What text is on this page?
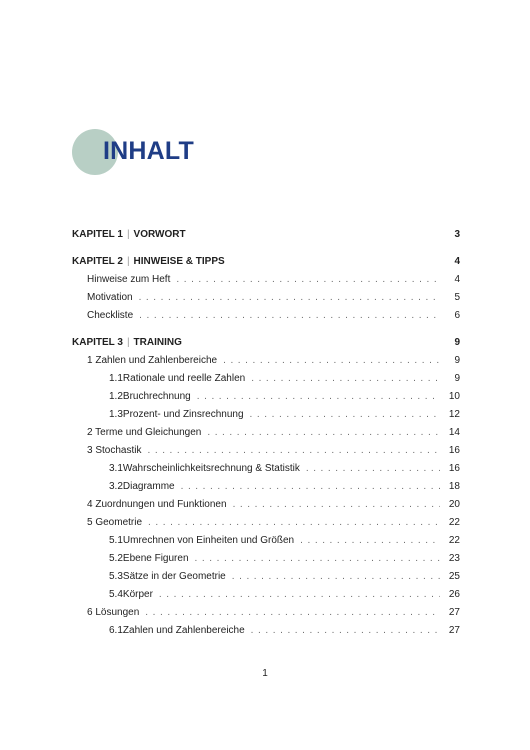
INHALT
KAPITEL 1 | VORWORT	3
KAPITEL 2 | HINWEISE & TIPPS	4
Hinweise zum Heft . . .	4
Motivation . . .	5
Checkliste . . .	6
KAPITEL 3 | TRAINING	9
1 Zahlen und Zahlenbereiche . . .	9
1.1 Rationale und reelle Zahlen . . .	9
1.2 Bruchrechnung . . .	10
1.3 Prozent- und Zinsrechnung . . .	12
2 Terme und Gleichungen . . .	14
3 Stochastik . . .	16
3.1 Wahrscheinlichkeitsrechnung & Statistik . . .	16
3.2 Diagramme . . .	18
4 Zuordnungen und Funktionen . . .	20
5 Geometrie . . .	22
5.1 Umrechnen von Einheiten und Größen . . .	22
5.2 Ebene Figuren . . .	23
5.3 Sätze in der Geometrie . . .	25
5.4 Körper . . .	26
6 Lösungen . . .	27
6.1 Zahlen und Zahlenbereiche . . .	27
1
